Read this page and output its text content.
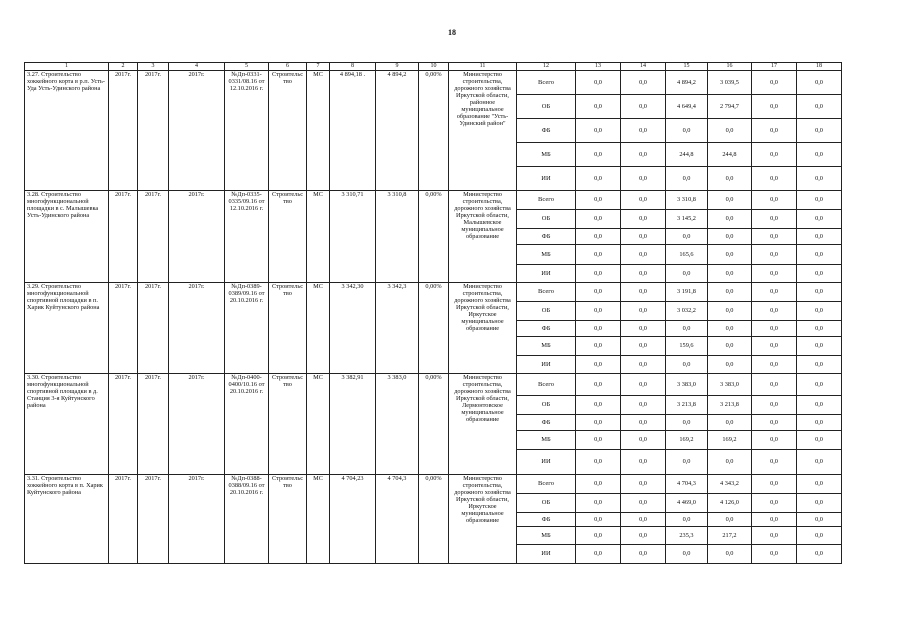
18
1	2	3	4	5	6	7	8	9	10	11	12	13	14	15	16	17	18
3.27. Строительство хоккейного корта в р.п. Усть-Уда Усть-Удинского района	2017г.	2017г.	2017г.	№Дп-0331-0331/08.16 от 12.10.2016 г.	Строительство	МС	4 894,18 .	4 894,2	0,00%	Министерство строительства, дорожного хозяйства Иркутской области, районное муниципальное образование "Усть-Удинский район"	Всего	0,0	0,0	4 894,2	3 039,5	0,0	0,0
											ОБ	0,0	0,0	4 649,4	2 794,7	0,0	0,0
											ФБ	0,0	0,0	0,0	0,0	0,0	0,0
											МБ	0,0	0,0	244,8	244,8	0,0	0,0
											ИИ	0,0	0,0	0,0	0,0	0,0	0,0
3.28. Строительство многофункциональной площадки в с. Малышевка Усть-Удинского района	2017г.	2017г.	2017г.	№Дп-0335-0335/09.16 от 12.10.2016 г.	Строительство	МС	3 310,71	3 310,8	0,00%	Министерство строительства, дорожного хозяйства Иркутской области, Малышевское муниципальное образование	Всего	0,0	0,0	3 310,8	0,0	0,0	0,0
											ОБ	0,0	0,0	3 145,2	0,0	0,0	0,0
											ФБ	0,0	0,0	0,0	0,0	0,0	0,0
											МБ	0,0	0,0	165,6	0,0	0,0	0,0
											ИИ	0,0	0,0	0,0	0,0	0,0	0,0
3.29. Строительство многофункциональной спортивной площадки в п. Харик Куйтунского района	2017г.	2017г.	2017г.	№Дп-0389-0389/09.16 от 20.10.2016 г.	Строительство	МС	3 342,30	3 342,3	0,00%	Министерство строительства, дорожного хозяйства Иркутской области, Иркутское муниципальное образование	Всего	0,0	0,0	3 191,8	0,0	0,0	0,0
											ОБ	0,0	0,0	3 032,2	0,0	0,0	0,0
											ФБ	0,0	0,0	0,0	0,0	0,0	0,0
											МБ	0,0	0,0	159,6	0,0	0,0	0,0
											ИИ	0,0	0,0	0,0	0,0	0,0	0,0
3.30. Строительство многофункциональной спортивной площадки в д. Станция 3-я Куйтунского района	2017г.	2017г.	2017г.	№Дп-0400-0400/10.16 от 20.10.2016 г.	Строительство	МС	3 382,91	3 383,0	0,00%	Министерство строительства, дорожного хозяйства Иркутской области, Лермонтовское муниципальное образование	Всего	0,0	0,0	3 383,0	3 383,0	0,0	0,0
											ОБ	0,0	0,0	3 213,8	3 213,8	0,0	0,0
											ФБ	0,0	0,0	0,0	0,0	0,0	0,0
											МБ	0,0	0,0	169,2	169,2	0,0	0,0
											ИИ	0,0	0,0	0,0	0,0	0,0	0,0
3.31. Строительство хоккейного корта в п. Харик Куйтунского района	2017г.	2017г.	2017г.	№Дп-0388-0388/09.16 от 20.10.2016 г.	Строительство	МС	4 704,23	4 704,3	0,00%	Министерство строительства, дорожного хозяйства Иркутской области, Иркутское муниципальное образование	Всего	0,0	0,0	4 704,3	4 343,2	0,0	0,0
											ОБ	0,0	0,0	4 469,0	4 126,0	0,0	0,0
											ФБ	0,0	0,0	0,0	0,0	0,0	0,0
											МБ	0,0	0,0	235,3	217,2	0,0	0,0
											ИИ	0,0	0,0	0,0	0,0	0,0	0,0
